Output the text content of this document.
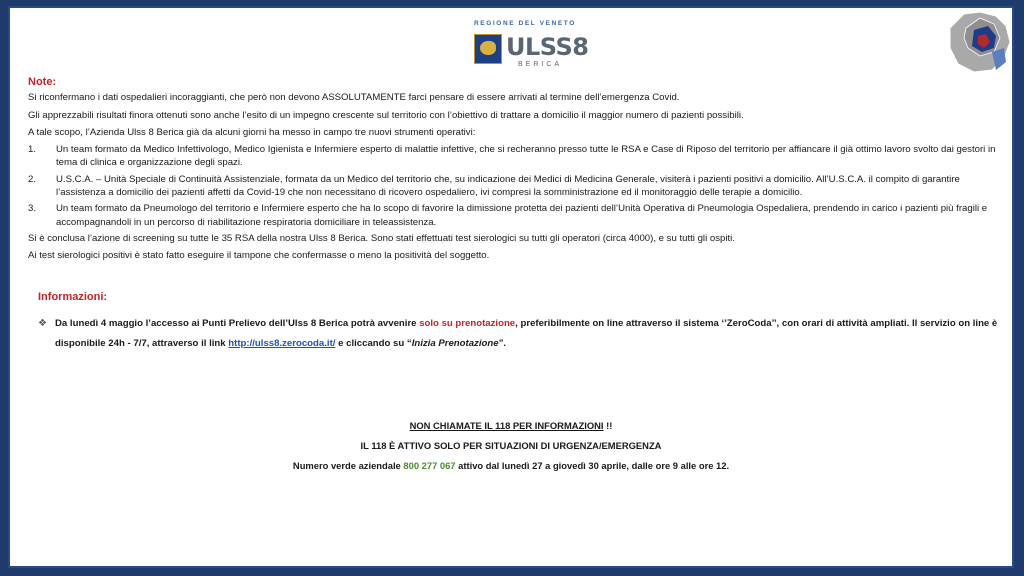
REGIONE DEL VENETO
ULSS8
BERICA

Note:

Si riconfermano i dati ospedalieri incoraggianti, che però non devono ASSOLUTAMENTE farci pensare di essere arrivati al termine dell’emergenza Covid.

Gli apprezzabili risultati finora ottenuti sono anche l’esito di un impegno crescente sul territorio con l’obiettivo di trattare a domicilio il maggior numero di pazienti possibili.

A tale scopo, l’Azienda Ulss 8 Berica già da alcuni giorni ha messo in campo tre nuovi strumenti operativi:

1. Un team formato da Medico Infettivologo, Medico Igienista e Infermiere esperto di malattie infettive, che si recheranno presso tutte le RSA e Case di Riposo del territorio per affiancare il già ottimo lavoro svolto dai gestori in tema di clinica e organizzazione degli spazi.
2. U.S.C.A. – Unità Speciale di Continuità Assistenziale, formata da un Medico del territorio che, su indicazione dei Medici di Medicina Generale, visiterà i pazienti positivi a domicilio. All’U.S.C.A. il compito di garantire l’assistenza a domicilio dei pazienti affetti da Covid-19 che non necessitano di ricovero ospedaliero, ivi compresi la somministrazione ed il monitoraggio delle terapie a domicilio.
3. Un team formato da Pneumologo del territorio e Infermiere esperto che ha lo scopo di favorire la dimissione protetta dei pazienti dell’Unità Operativa di Pneumologia Ospedaliera, prendendo in carico i pazienti più fragili e accompagnandoli in un percorso di riabilitazione respiratoria domiciliare in teleassistenza.

Si è conclusa l’azione di screening su tutte le 35 RSA della nostra Ulss 8 Berica. Sono stati effettuati test sierologici su tutti gli operatori (circa 4000), e su tutti gli ospiti.

Ai test sierologici positivi è stato fatto eseguire il tampone che confermasse o meno la positività del soggetto.

Informazioni:
❖ Da lunedì 4 maggio l’accesso ai Punti Prelievo dell’Ulss 8 Berica potrà avvenire solo su prenotazione, preferibilmente on line attraverso il sistema ‘’ZeroCoda’’, con orari di attività ampliati. Il servizio on line è disponibile 24h - 7/7, attraverso il link http://ulss8.zerocoda.it/ e cliccando su “Inizia Prenotazione”.
NON CHIAMATE IL 118 PER INFORMAZIONI !!
IL 118 È ATTIVO SOLO PER SITUAZIONI DI URGENZA/EMERGENZA
Numero verde aziendale 800 277 067 attivo dal lunedì 27 a giovedì 30 aprile, dalle ore 9 alle ore 12.
